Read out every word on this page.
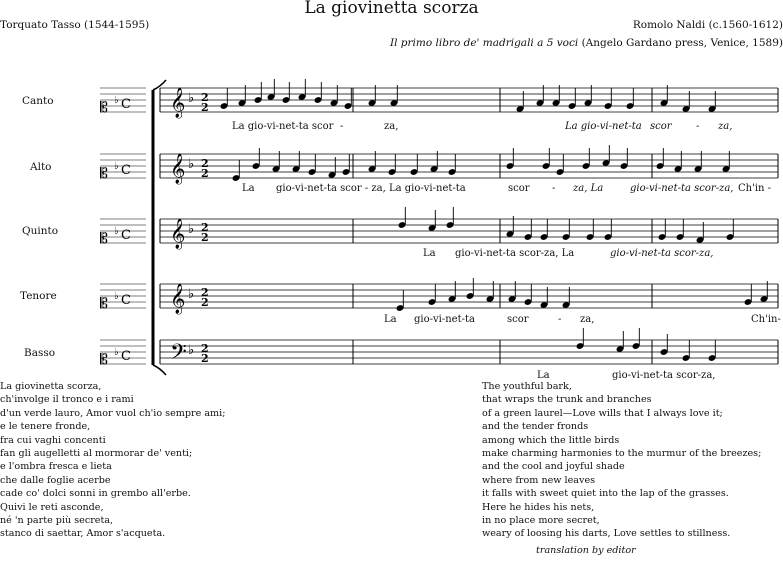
La giovinetta scorza
Torquato Tasso (1544-1595)	Romolo Naldi (c.1560-1612)
Il primo libro de' madrigali a 5 voci (Angelo Gardano press, Venice, 1589)
Canto
Alto
Quinto
Tenore
Basso
𝄞 ♭
𝄞 ♭
𝄞 ♭
𝄞 ♭
𝄢 ♭
𝄡 ♭ C
𝄡 ♭ C
𝄡 ♭ C
𝄡 ♭ C
𝄡 ♭ C
2
2
2
2
2
2
2
2
2
2
La gio-vi-net-ta scor -	za,	La gio-vi-net-ta scor - za,
La gio-vi-net-ta scor - za, La gio-vi-net-ta	scor - za, La	gio-vi-net-ta scor-za, Ch'in -
La gio-vi-net-ta scor-za, La	gio-vi-net-ta scor-za,
La gio-vi-net-ta	scor	- za,	Ch'in-
La	gio-vi-net-ta scor-za,
La giovinetta scorza,
ch'involge il tronco e i rami
d'un verde lauro, Amor vuol ch'io sempre ami;
e le tenere fronde,
fra cui vaghi concenti
fan gli augelletti al mormorar de' venti;
e l'ombra fresca e lieta
che dalle foglie acerbe
cade co' dolci sonni in grembo all'erbe.
Quivi le reti asconde,
né 'n parte più secreta,
stanco di saettar, Amor s'acqueta.
The youthful bark,
that wraps the trunk and branches
of a green laurel—Love wills that I always love it;
and the tender fronds
among which the little birds
make charming harmonies to the murmur of the breezes;
and the cool and joyful shade
where from new leaves
it falls with sweet quiet into the lap of the grasses.
Here he hides his nets,
in no place more secret,
weary of loosing his darts, Love settles to stillness.
translation by editor
